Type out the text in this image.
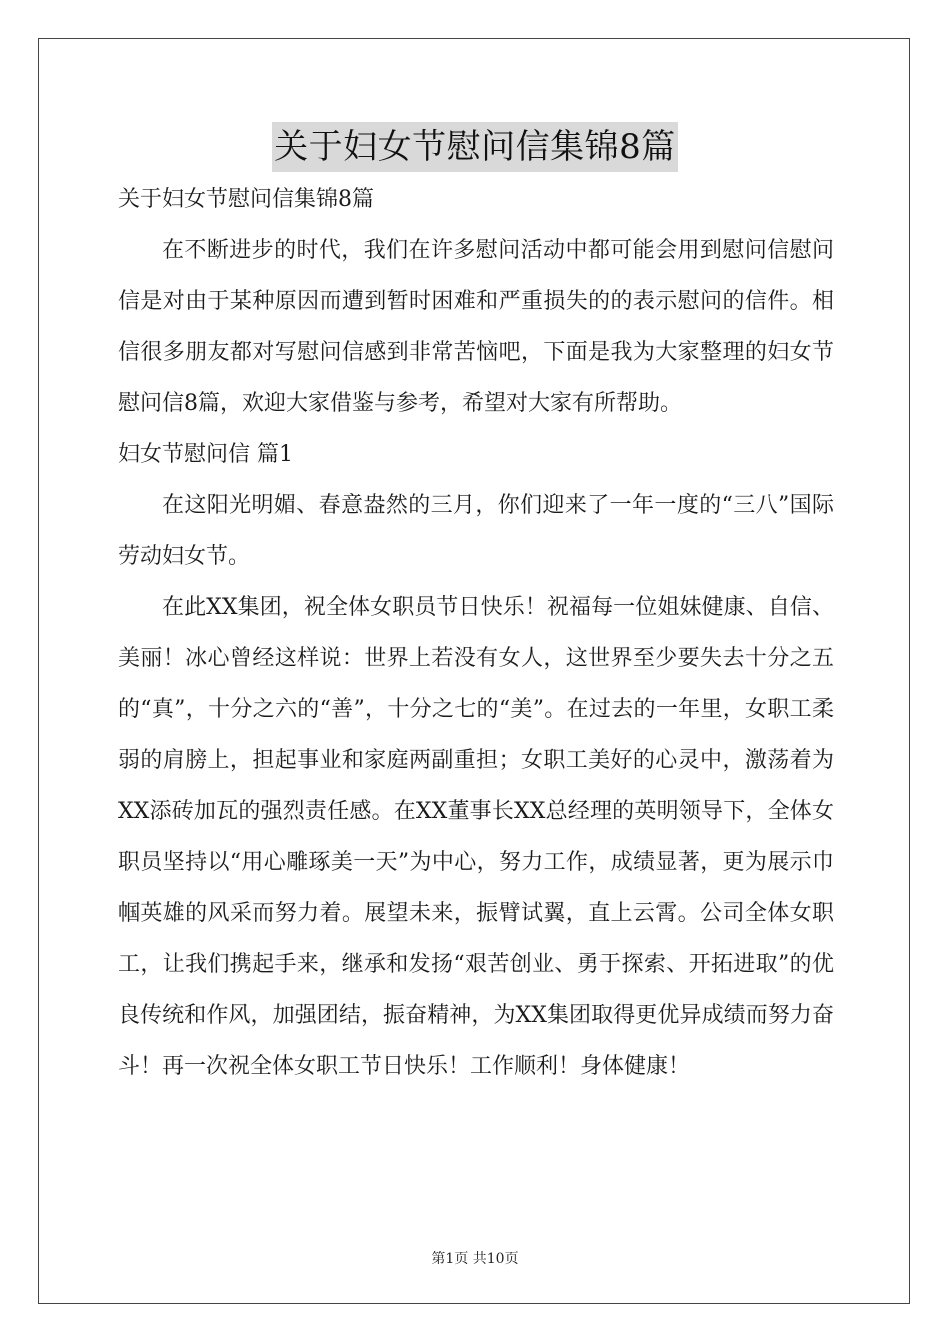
关于妇女节慰问信集锦8篇

关于妇女节慰问信集锦8篇

在不断进步的时代，我们在许多慰问活动中都可能会用到慰问信慰问信是对由于某种原因而遭到暂时困难和严重损失的的表示慰问的信件。相信很多朋友都对写慰问信感到非常苦恼吧，下面是我为大家整理的妇女节慰问信8篇，欢迎大家借鉴与参考，希望对大家有所帮助。

妇女节慰问信 篇1

在这阳光明媚、春意盎然的三月，你们迎来了一年一度的“三八”国际劳动妇女节。

在此XX集团，祝全体女职员节日快乐！祝福每一位姐妹健康、自信、美丽！冰心曾经这样说：世界上若没有女人，这世界至少要失去十分之五的“真”，十分之六的“善”，十分之七的“美”。在过去的一年里，女职工柔弱的肩膀上，担起事业和家庭两副重担；女职工美好的心灵中，激荡着为XX添砖加瓦的强烈责任感。在XX董事长XX总经理的英明领导下，全体女职员坚持以“用心雕琢美一天”为中心，努力工作，成绩显著，更为展示巾帼英雄的风采而努力着。展望未来，振臂试翼，直上云霄。公司全体女职工，让我们携起手来，继承和发扬“艰苦创业、勇于探索、开拓进取”的优良传统和作风，加强团结，振奋精神，为XX集团取得更优异成绩而努力奋斗！再一次祝全体女职工节日快乐！工作顺利！身体健康！

第1页 共10页
